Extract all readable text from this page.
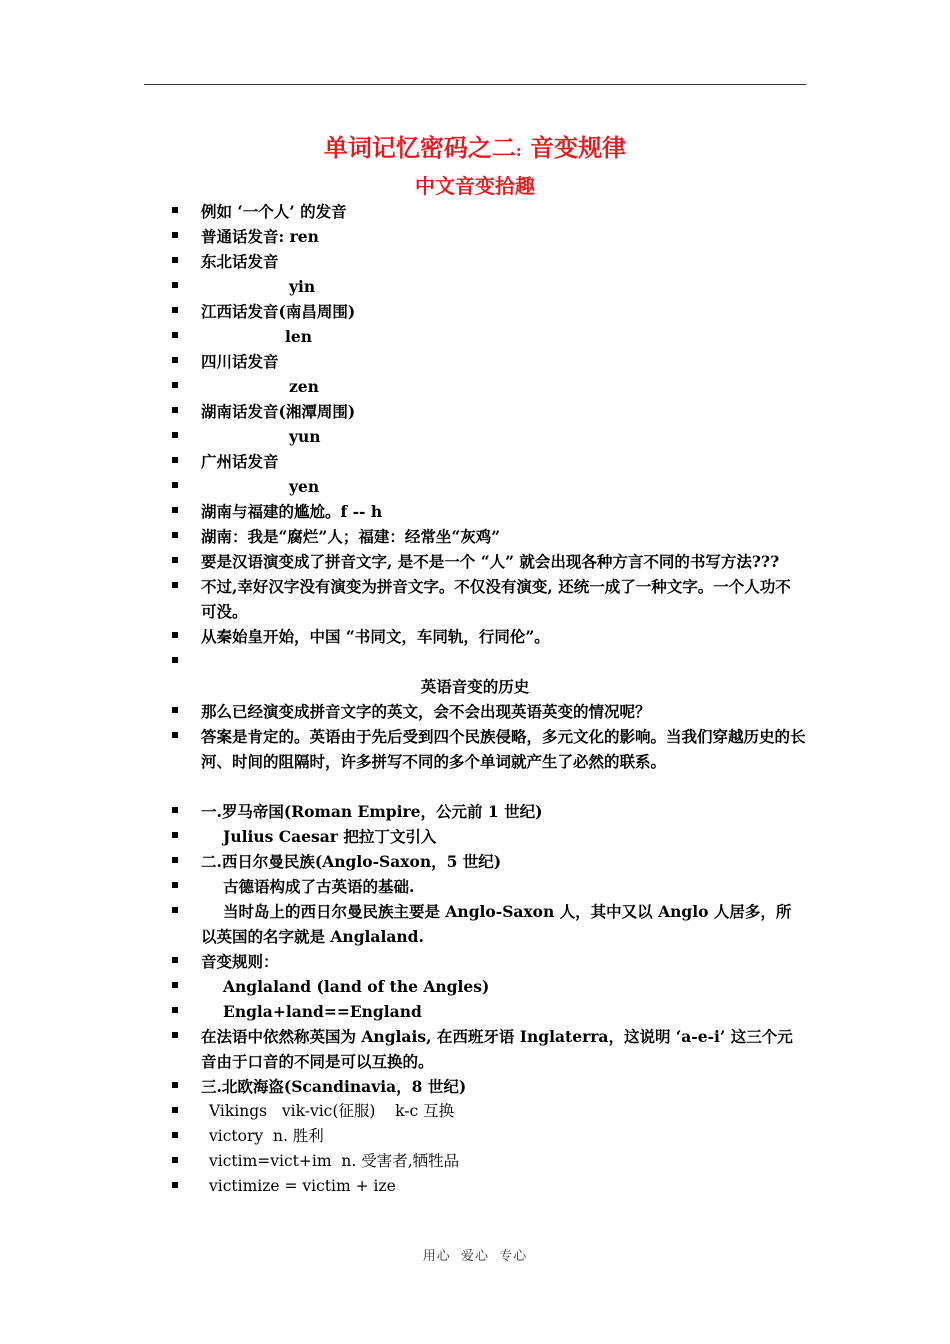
单词记忆密码之二: 音变规律
中文音变拾趣
例如 ‘一个人’ 的发音
普通话发音: ren
东北话发音
yin
江西话发音(南昌周围)
len
四川话发音
zen
湖南话发音(湘潭周围)
yun
广州话发音
yen
湖南与福建的尴尬。f -- h
湖南：我是“腐烂”人；福建：经常坐“灰鸡”
要是汉语演变成了拼音文字, 是不是一个 “人” 就会出现各种方言不同的书写方法???
不过,幸好汉字没有演变为拼音文字。不仅没有演变, 还统一成了一种文字。一个人功不可没。
从秦始皇开始，中国 “书同文，车同轨，行同伦”。
英语音变的历史
那么已经演变成拼音文字的英文，会不会出现英语英变的情况呢？
答案是肯定的。英语由于先后受到四个民族侵略，多元文化的影响。当我们穿越历史的长河、时间的阻隔时，许多拼写不同的多个单词就产生了必然的联系。
一.罗马帝国(Roman Empire，公元前 1 世纪)
Julius Caesar 把拉丁文引入
二.西日尔曼民族(Anglo-Saxon，5 世纪)
古德语构成了古英语的基础.
当时岛上的西日尔曼民族主要是 Anglo-Saxon 人，其中又以 Anglo 人居多，所以英国的名字就是 Anglaland.
音变规则：
Anglaland (land of the Angles)
Engla+land==England
在法语中依然称英国为 Anglais, 在西班牙语 Inglaterra，这说明 ‘a-e-i’ 这三个元音由于口音的不同是可以互换的。
三.北欧海盗(Scandinavia，8 世纪)
Vikings   vik-vic(征服)    k-c 互换
victory  n. 胜利
victim=vict+im  n. 受害者,牺牲品
victimize = victim + ize
用心  爱心  专心
